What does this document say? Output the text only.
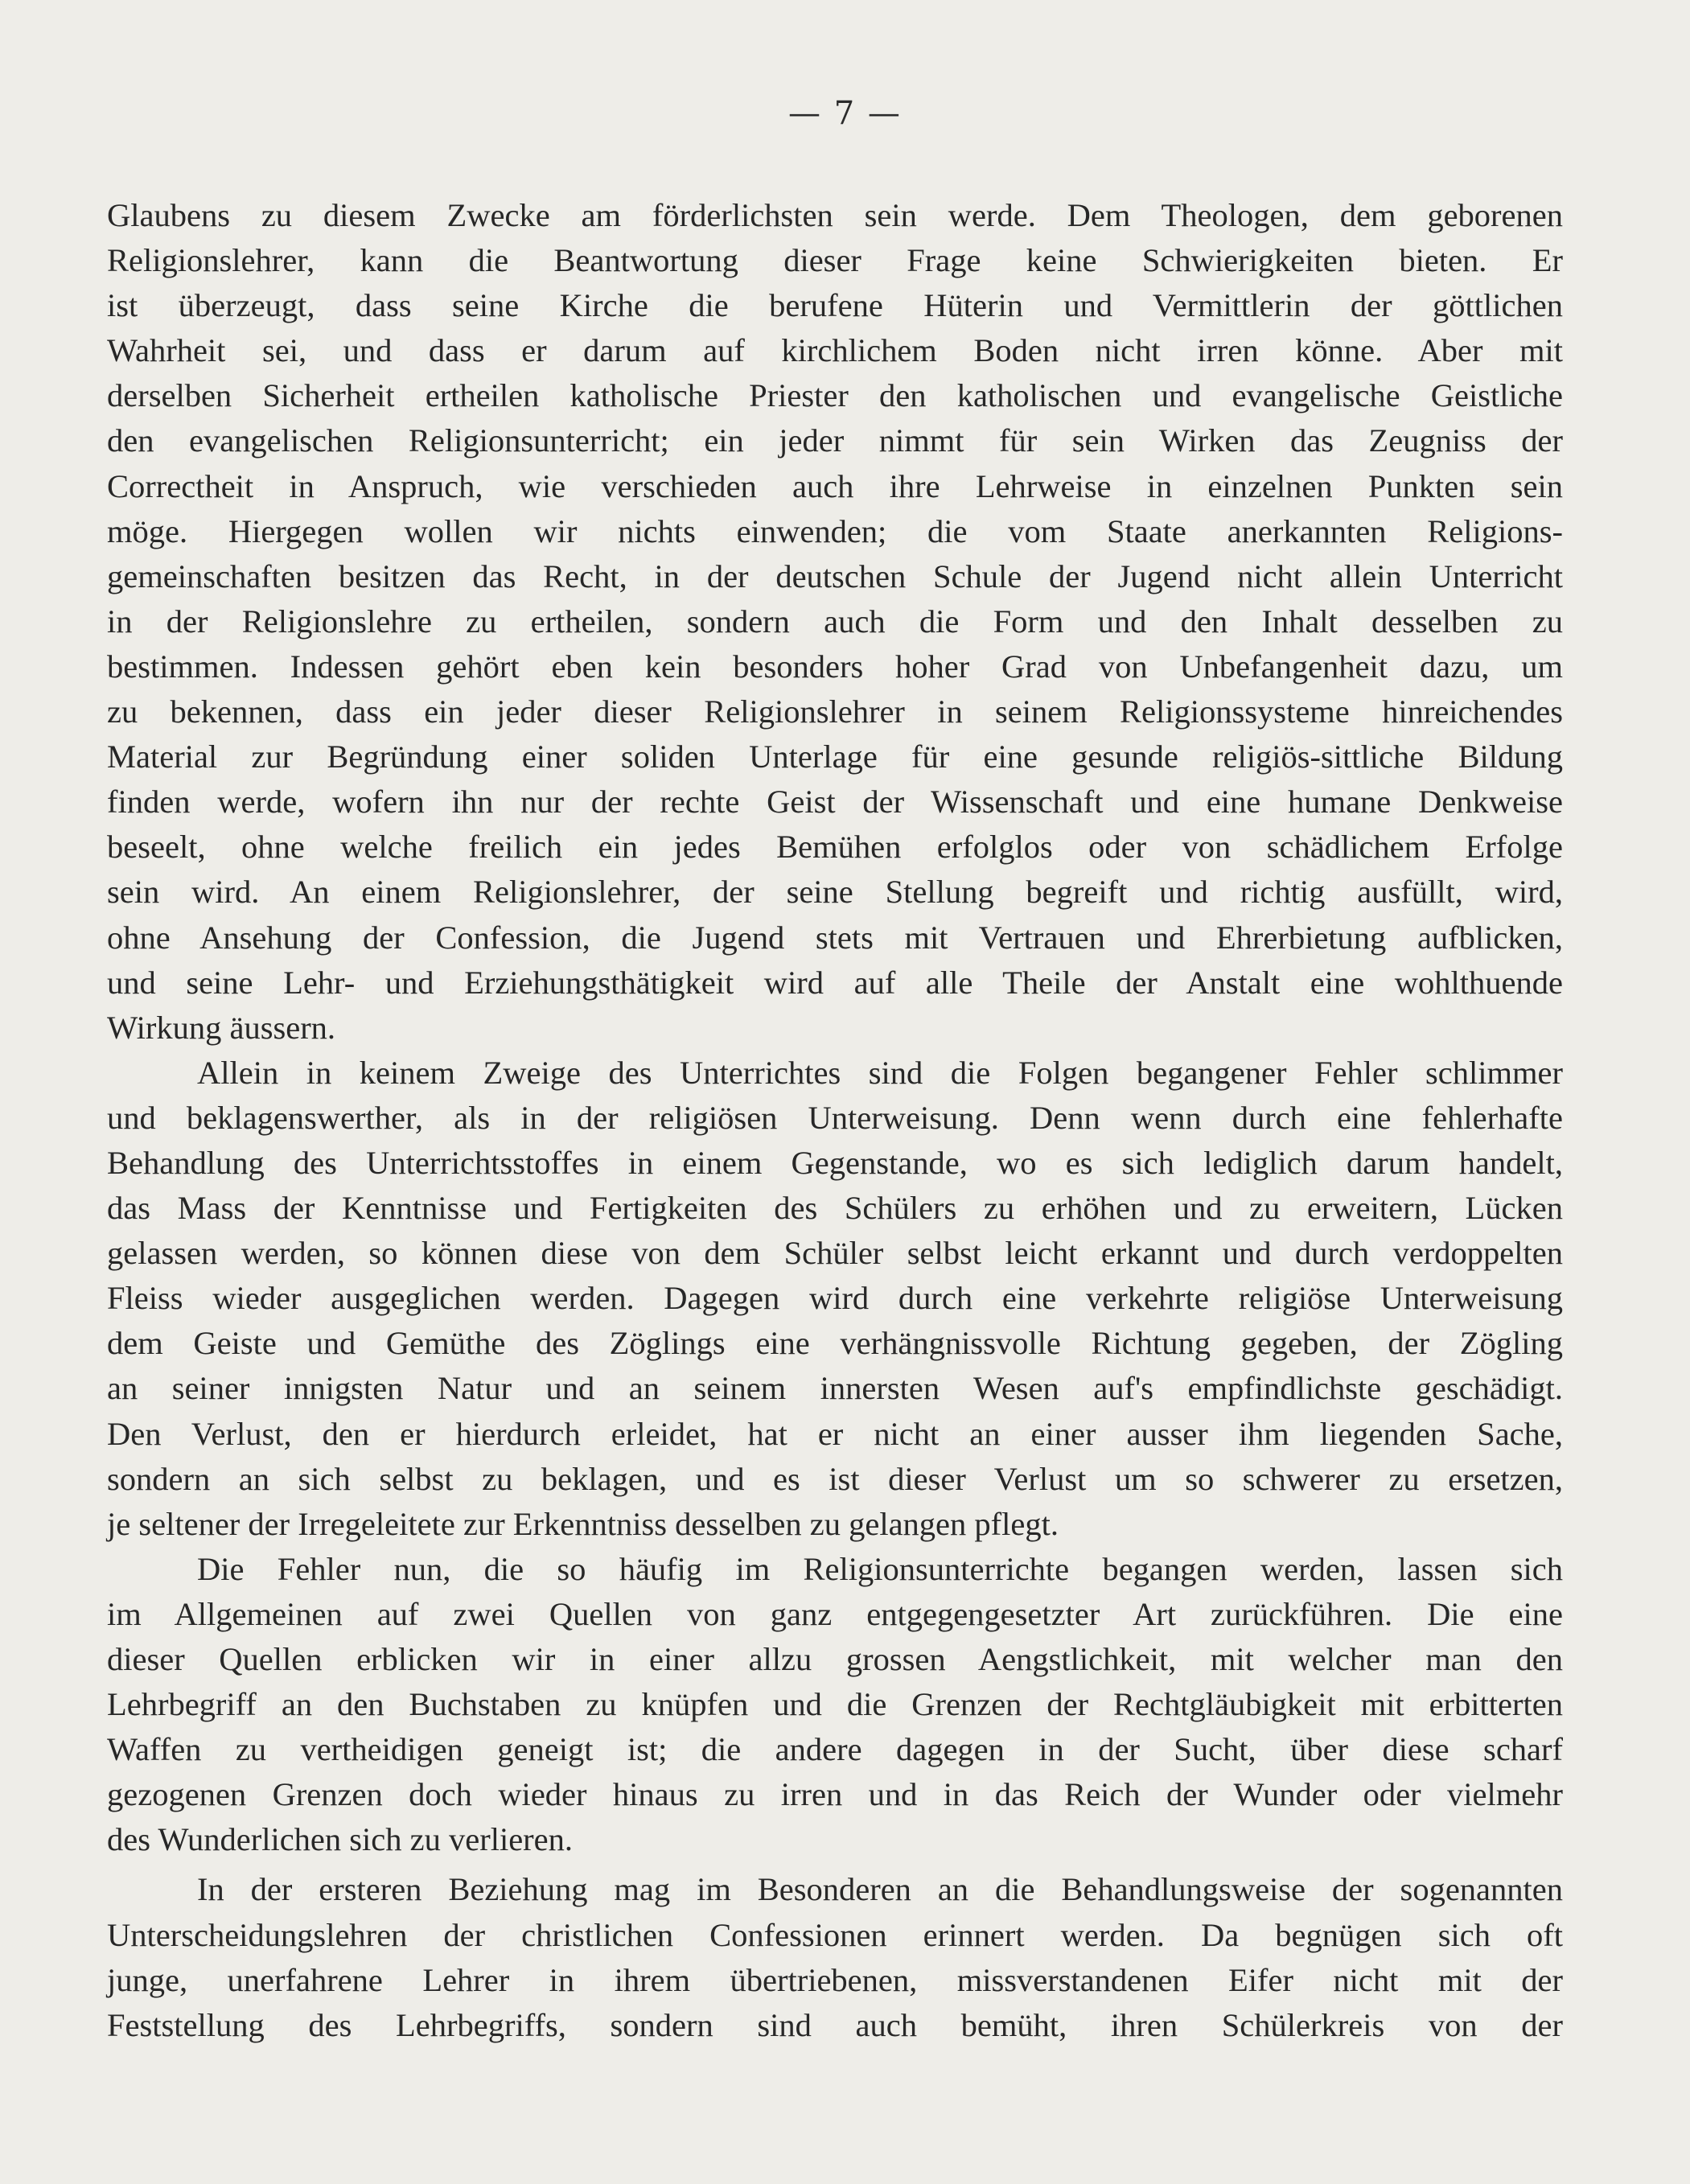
— 7 —
Glaubens zu diesem Zwecke am förderlichsten sein werde. Dem Theologen, dem geborenen
Religionslehrer, kann die Beantwortung dieser Frage keine Schwierigkeiten bieten. Er
ist überzeugt, dass seine Kirche die berufene Hüterin und Vermittlerin der göttlichen
Wahrheit sei, und dass er darum auf kirchlichem Boden nicht irren könne. Aber mit
derselben Sicherheit ertheilen katholische Priester den katholischen und evangelische Geistliche
den evangelischen Religionsunterricht; ein jeder nimmt für sein Wirken das Zeugniss der
Correctheit in Anspruch, wie verschieden auch ihre Lehrweise in einzelnen Punkten sein
möge. Hiergegen wollen wir nichts einwenden; die vom Staate anerkannten Religions-
gemeinschaften besitzen das Recht, in der deutschen Schule der Jugend nicht allein Unterricht
in der Religionslehre zu ertheilen, sondern auch die Form und den Inhalt desselben zu
bestimmen. Indessen gehört eben kein besonders hoher Grad von Unbefangenheit dazu, um
zu bekennen, dass ein jeder dieser Religionslehrer in seinem Religionssysteme hinreichendes
Material zur Begründung einer soliden Unterlage für eine gesunde religiös-sittliche Bildung
finden werde, wofern ihn nur der rechte Geist der Wissenschaft und eine humane Denkweise
beseelt, ohne welche freilich ein jedes Bemühen erfolglos oder von schädlichem Erfolge
sein wird. An einem Religionslehrer, der seine Stellung begreift und richtig ausfüllt, wird,
ohne Ansehung der Confession, die Jugend stets mit Vertrauen und Ehrerbietung aufblicken,
und seine Lehr- und Erziehungsthätigkeit wird auf alle Theile der Anstalt eine wohlthuende
Wirkung äussern.
Allein in keinem Zweige des Unterrichtes sind die Folgen begangener Fehler schlimmer
und beklagenswerther, als in der religiösen Unterweisung. Denn wenn durch eine fehlerhafte
Behandlung des Unterrichtsstoffes in einem Gegenstande, wo es sich lediglich darum handelt,
das Mass der Kenntnisse und Fertigkeiten des Schülers zu erhöhen und zu erweitern, Lücken
gelassen werden, so können diese von dem Schüler selbst leicht erkannt und durch verdoppelten
Fleiss wieder ausgeglichen werden. Dagegen wird durch eine verkehrte religiöse Unterweisung
dem Geiste und Gemüthe des Zöglings eine verhängnissvolle Richtung gegeben, der Zögling
an seiner innigsten Natur und an seinem innersten Wesen auf's empfindlichste geschädigt.
Den Verlust, den er hierdurch erleidet, hat er nicht an einer ausser ihm liegenden Sache,
sondern an sich selbst zu beklagen, und es ist dieser Verlust um so schwerer zu ersetzen,
je seltener der Irregeleitete zur Erkenntniss desselben zu gelangen pflegt.
Die Fehler nun, die so häufig im Religionsunterrichte begangen werden, lassen sich
im Allgemeinen auf zwei Quellen von ganz entgegengesetzter Art zurückführen. Die eine
dieser Quellen erblicken wir in einer allzu grossen Aengstlichkeit, mit welcher man den
Lehrbegriff an den Buchstaben zu knüpfen und die Grenzen der Rechtgläubigkeit mit erbitterten
Waffen zu vertheidigen geneigt ist; die andere dagegen in der Sucht, über diese scharf
gezogenen Grenzen doch wieder hinaus zu irren und in das Reich der Wunder oder vielmehr
des Wunderlichen sich zu verlieren.
In der ersteren Beziehung mag im Besonderen an die Behandlungsweise der sogenannten
Unterscheidungslehren der christlichen Confessionen erinnert werden. Da begnügen sich oft
junge, unerfahrene Lehrer in ihrem übertriebenen, missverstandenen Eifer nicht mit der
Feststellung des Lehrbegriffs, sondern sind auch bemüht, ihren Schülerkreis von der
